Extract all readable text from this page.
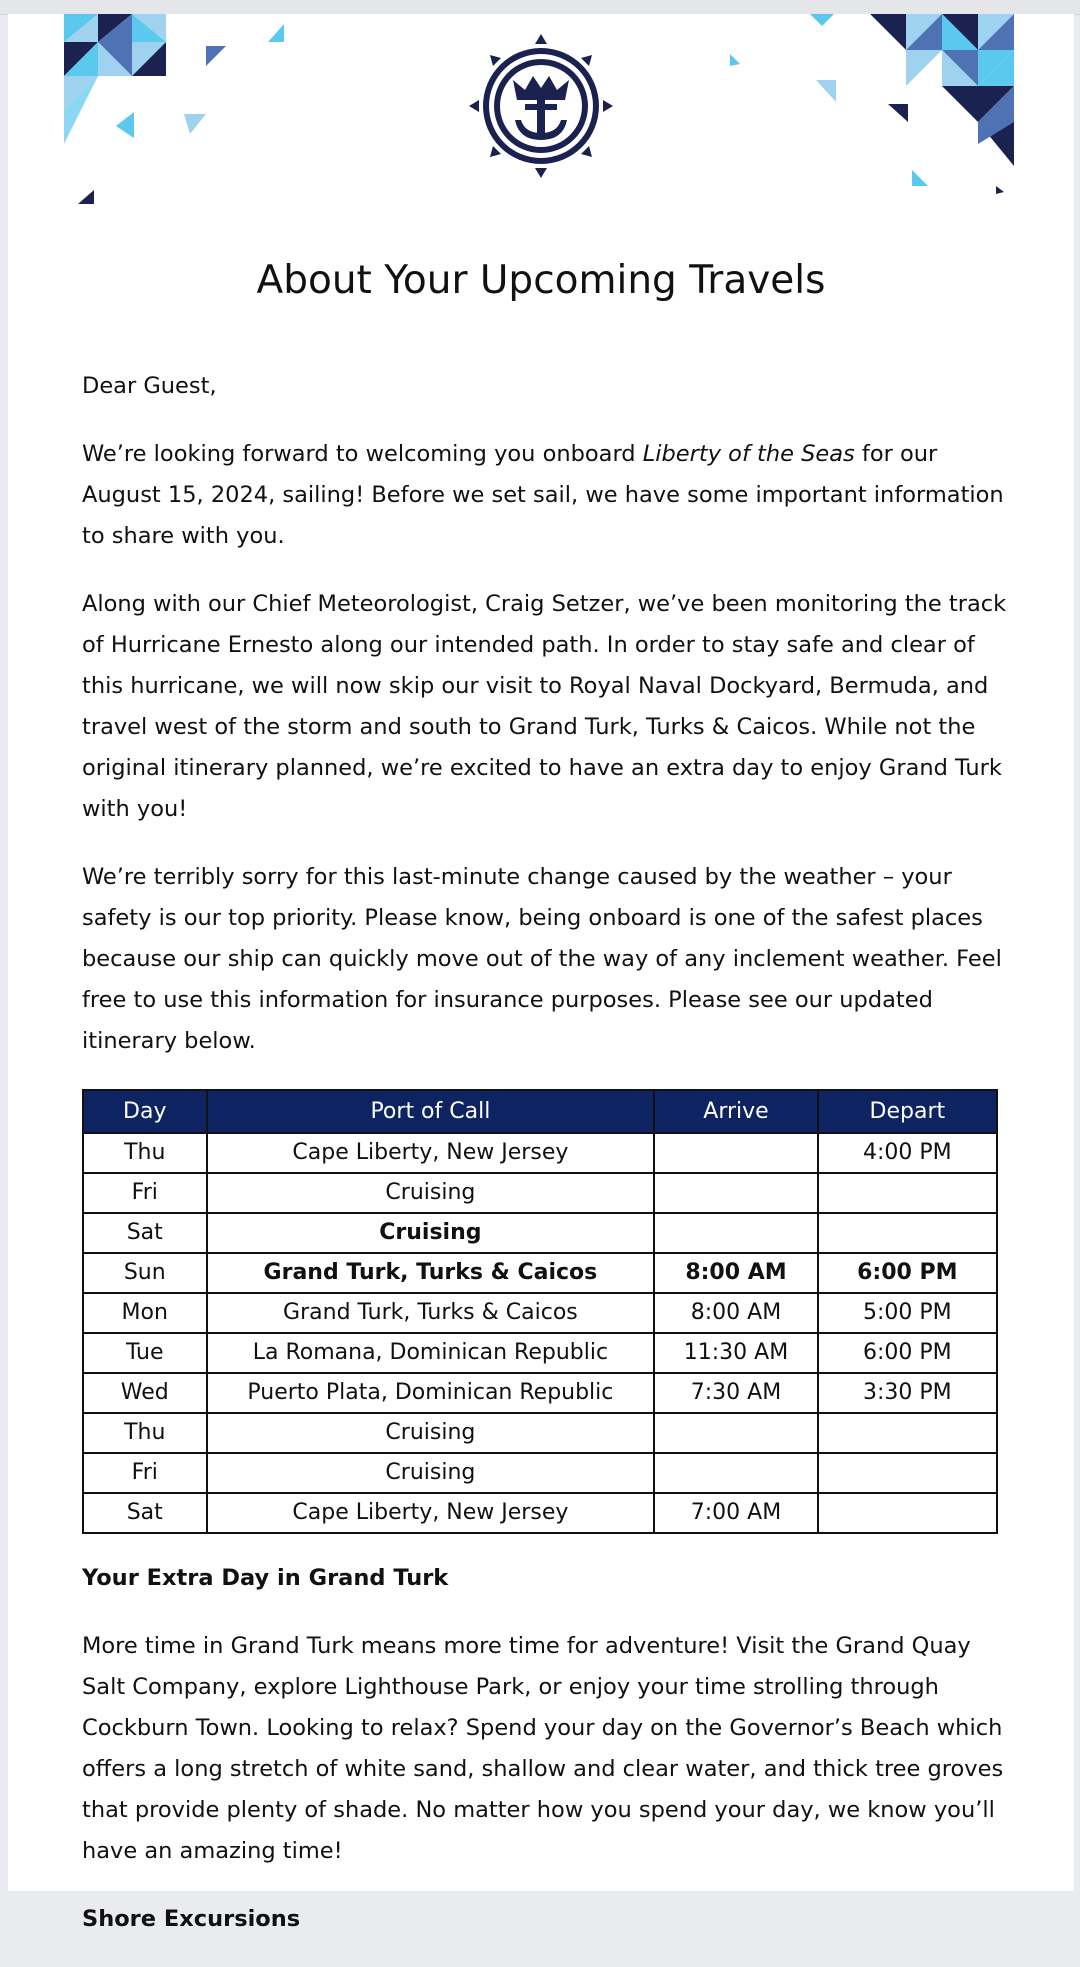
About Your Upcoming Travels

Dear Guest,

We’re looking forward to welcoming you onboard Liberty of the Seas for our August 15, 2024, sailing! Before we set sail, we have some important information to share with you.

Along with our Chief Meteorologist, Craig Setzer, we’ve been monitoring the track of Hurricane Ernesto along our intended path. In order to stay safe and clear of this hurricane, we will now skip our visit to Royal Naval Dockyard, Bermuda, and travel west of the storm and south to Grand Turk, Turks & Caicos. While not the original itinerary planned, we’re excited to have an extra day to enjoy Grand Turk with you!

We’re terribly sorry for this last-minute change caused by the weather – your safety is our top priority. Please know, being onboard is one of the safest places because our ship can quickly move out of the way of any inclement weather. Feel free to use this information for insurance purposes. Please see our updated itinerary below.

Day	Port of Call	Arrive	Depart
Thu	Cape Liberty, New Jersey		4:00 PM
Fri	Cruising		
Sat	Cruising		
Sun	Grand Turk, Turks & Caicos	8:00 AM	6:00 PM
Mon	Grand Turk, Turks & Caicos	8:00 AM	5:00 PM
Tue	La Romana, Dominican Republic	11:30 AM	6:00 PM
Wed	Puerto Plata, Dominican Republic	7:30 AM	3:30 PM
Thu	Cruising		
Fri	Cruising		
Sat	Cape Liberty, New Jersey	7:00 AM	

Your Extra Day in Grand Turk

More time in Grand Turk means more time for adventure! Visit the Grand Quay Salt Company, explore Lighthouse Park, or enjoy your time strolling through Cockburn Town. Looking to relax? Spend your day on the Governor’s Beach which offers a long stretch of white sand, shallow and clear water, and thick tree groves that provide plenty of shade. No matter how you spend your day, we know you’ll have an amazing time!

Shore Excursions
